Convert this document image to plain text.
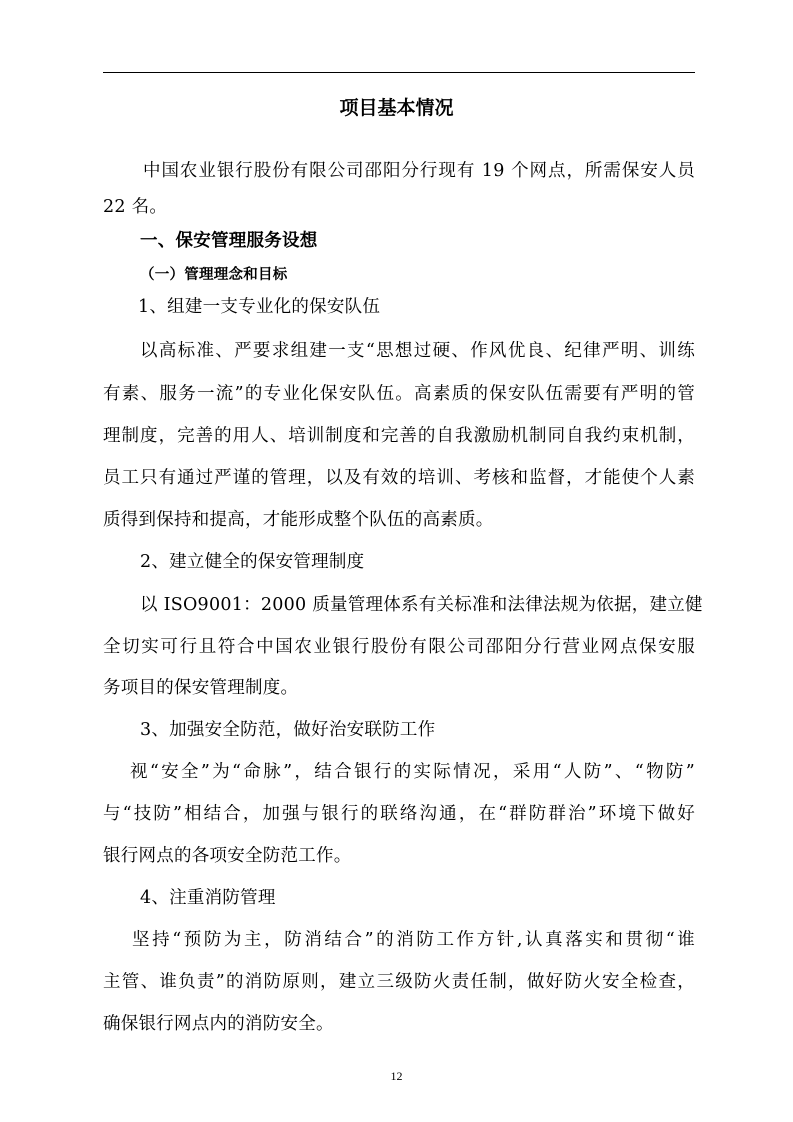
项目基本情况
中国农业银行股份有限公司邵阳分行现有 19 个网点，所需保安人员
22 名。
一、保安管理服务设想
（一）管理理念和目标
1、组建一支专业化的保安队伍
以高标准、严要求组建一支“思想过硬、作风优良、纪律严明、训练
有素、服务一流”的专业化保安队伍。高素质的保安队伍需要有严明的管
理制度，完善的用人、培训制度和完善的自我激励机制同自我约束机制，
员工只有通过严谨的管理，以及有效的培训、考核和监督，才能使个人素
质得到保持和提高，才能形成整个队伍的高素质。
2、建立健全的保安管理制度
以 ISO9001：2000 质量管理体系有关标准和法律法规为依据，建立健
全切实可行且符合中国农业银行股份有限公司邵阳分行营业网点保安服
务项目的保安管理制度。
3、加强安全防范，做好治安联防工作
视“安全”为“命脉”，结合银行的实际情况，采用“人防”、“物防”
与“技防”相结合，加强与银行的联络沟通，在“群防群治”环境下做好
银行网点的各项安全防范工作。
4、注重消防管理
坚持“预防为主，防消结合”的消防工作方针,认真落实和贯彻“谁
主管、谁负责”的消防原则，建立三级防火责任制，做好防火安全检查，
确保银行网点内的消防安全。
12
